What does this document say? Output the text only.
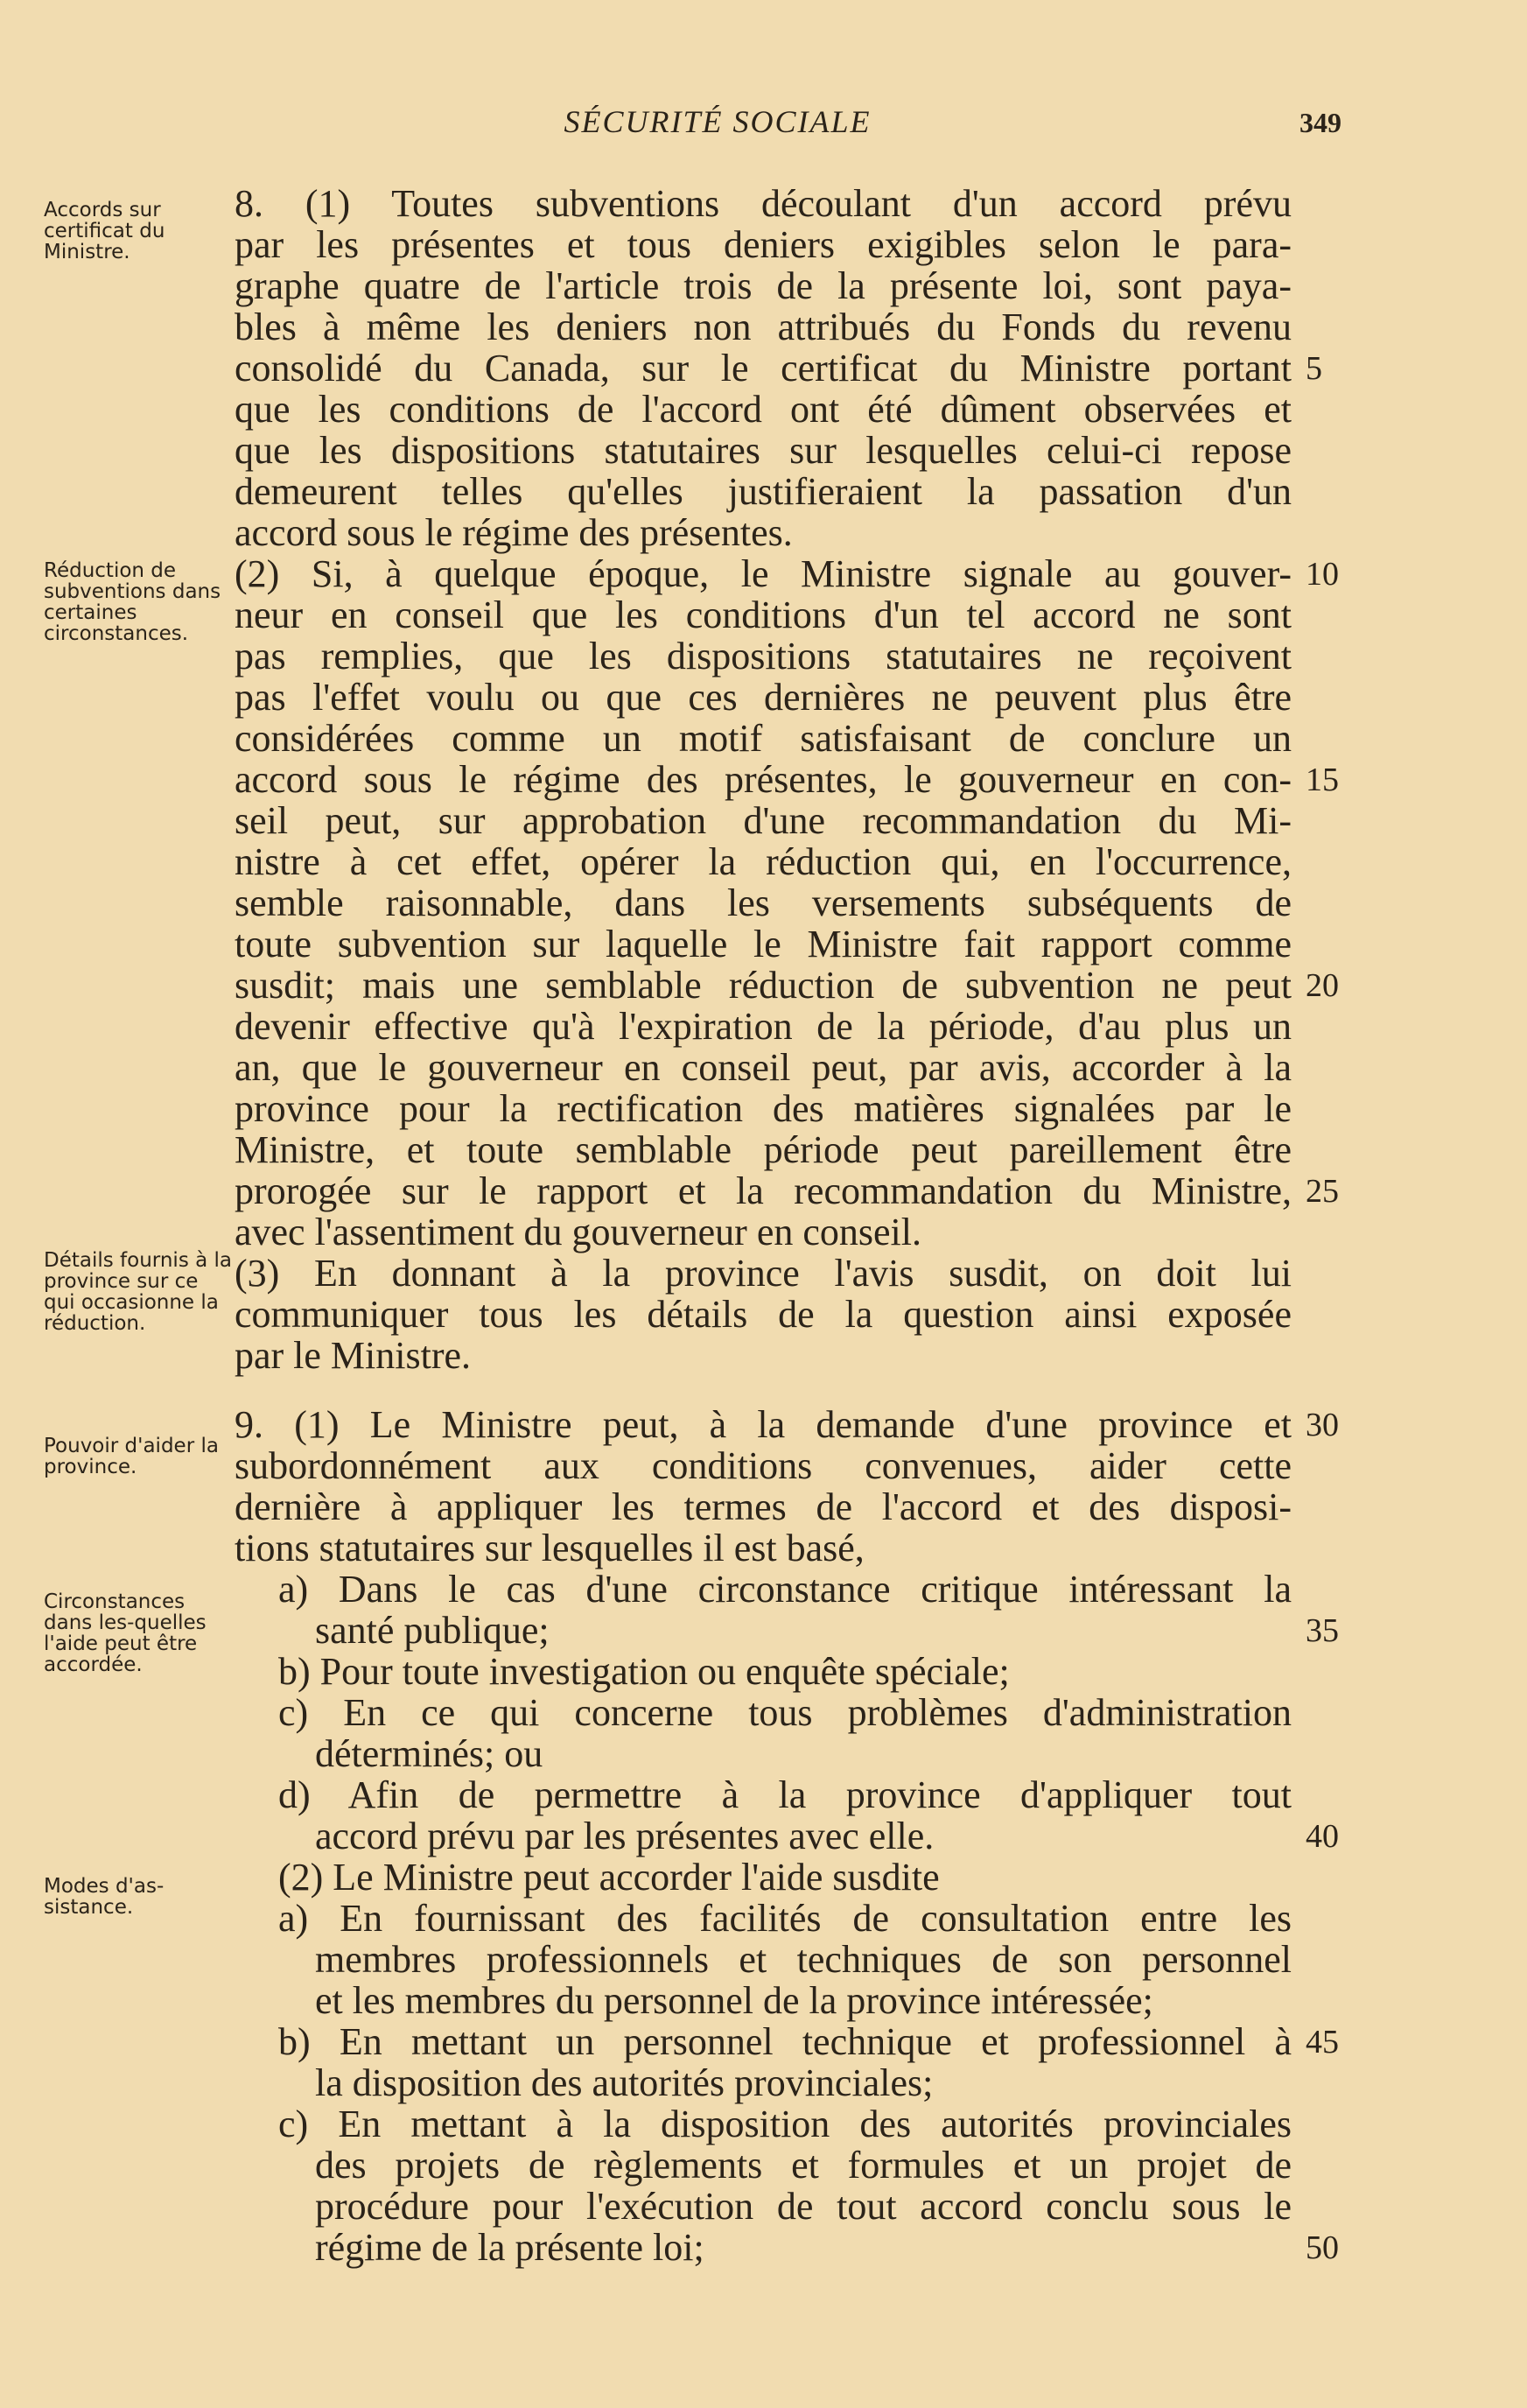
SÉCURITÉ SOCIALE	349
Accords sur certificat du Ministre.
Réduction de subventions dans certaines circonstances.
Détails fournis à la province sur ce qui occasionne la réduction.
Pouvoir d'aider la province.
Circonstances dans les-quelles l'aide peut être accordée.
Modes d'as-sistance.
8. (1) Toutes subventions découlant d'un accord prévu
par les présentes et tous deniers exigibles selon le para-
graphe quatre de l'article trois de la présente loi, sont paya-
bles à même les deniers non attribués du Fonds du revenu
consolidé du Canada, sur le certificat du Ministre portant
que les conditions de l'accord ont été dûment observées et
que les dispositions statutaires sur lesquelles celui-ci repose
demeurent telles qu'elles justifieraient la passation d'un
accord sous le régime des présentes.
(2) Si, à quelque époque, le Ministre signale au gouver-
neur en conseil que les conditions d'un tel accord ne sont
pas remplies, que les dispositions statutaires ne reçoivent
pas l'effet voulu ou que ces dernières ne peuvent plus être
considérées comme un motif satisfaisant de conclure un
accord sous le régime des présentes, le gouverneur en con-
seil peut, sur approbation d'une recommandation du Mi-
nistre à cet effet, opérer la réduction qui, en l'occurrence,
semble raisonnable, dans les versements subséquents de
toute subvention sur laquelle le Ministre fait rapport comme
susdit; mais une semblable réduction de subvention ne peut
devenir effective qu'à l'expiration de la période, d'au plus un
an, que le gouverneur en conseil peut, par avis, accorder à la
province pour la rectification des matières signalées par le
Ministre, et toute semblable période peut pareillement être
prorogée sur le rapport et la recommandation du Ministre,
avec l'assentiment du gouverneur en conseil.
(3) En donnant à la province l'avis susdit, on doit lui
communiquer tous les détails de la question ainsi exposée
par le Ministre.
9. (1) Le Ministre peut, à la demande d'une province et
subordonnément aux conditions convenues, aider cette
dernière à appliquer les termes de l'accord et des disposi-
tions statutaires sur lesquelles il est basé,
a) Dans le cas d'une circonstance critique intéressant la
santé publique;
b) Pour toute investigation ou enquête spéciale;
c) En ce qui concerne tous problèmes d'administration
déterminés; ou
d) Afin de permettre à la province d'appliquer tout
accord prévu par les présentes avec elle.
(2) Le Ministre peut accorder l'aide susdite
a) En fournissant des facilités de consultation entre les
membres professionnels et techniques de son personnel
et les membres du personnel de la province intéressée;
b) En mettant un personnel technique et professionnel à
la disposition des autorités provinciales;
c) En mettant à la disposition des autorités provinciales
des projets de règlements et formules et un projet de
procédure pour l'exécution de tout accord conclu sous le
régime de la présente loi;
5
10
15
20
25
30
35
40
45
50
